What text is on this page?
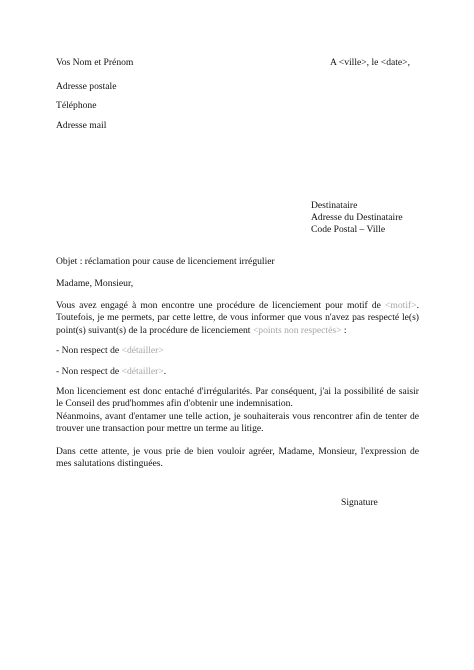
Vos Nom et Prénom
Adresse postale
Téléphone
Adresse mail
A <ville>, le <date>,
Destinataire
Adresse du Destinataire
Code Postal – Ville
Objet : réclamation pour cause de licenciement irrégulier
Madame, Monsieur,

Vous avez engagé à mon encontre une procédure de licenciement pour motif de <motif>.

Toutefois, je me permets, par cette lettre, de vous informer que vous n'avez pas respecté le(s)

point(s) suivant(s) de la procédure de licenciement <points non respectés> :

- Non respect de <détailler>
- Non respect de <détailler>.

Mon licenciement est donc entaché d'irrégularités. Par conséquent, j'ai la possibilité de saisir

le Conseil des prud'hommes afin d'obtenir une indemnisation.

Néanmoins, avant d'entamer une telle action, je souhaiterais vous rencontrer afin de tenter de

trouver une transaction pour mettre un terme au litige.

Dans cette attente, je vous prie de bien vouloir agréer, Madame, Monsieur, l'expression de

mes salutations distinguées.

Signature
